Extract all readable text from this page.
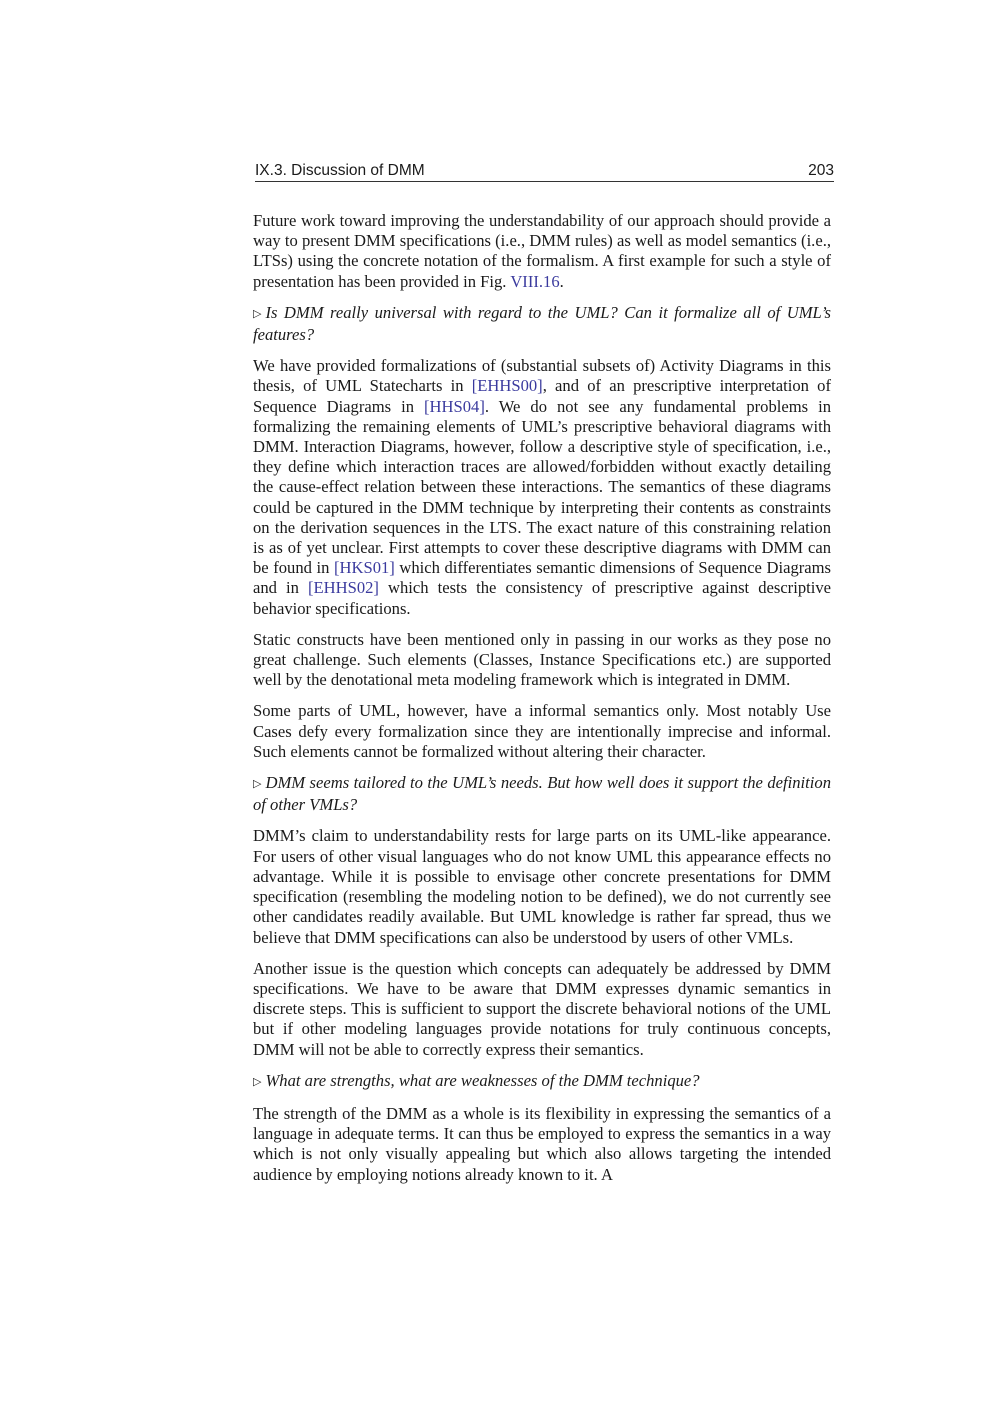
IX.3. Discussion of DMM	203

Future work toward improving the understandability of our approach should provide a way to present DMM specifications (i.e., DMM rules) as well as model semantics (i.e., LTSs) using the concrete notation of the formalism. A first example for such a style of presentation has been provided in Fig. VIII.16.

▷ Is DMM really universal with regard to the UML? Can it formalize all of UML’s features?

We have provided formalizations of (substantial subsets of) Activity Diagrams in this thesis, of UML Statecharts in [EHHS00], and of an prescriptive interpretation of Sequence Diagrams in [HHS04]. We do not see any fundamental problems in formalizing the remaining elements of UML’s prescriptive behavioral diagrams with DMM. Interaction Diagrams, however, follow a descriptive style of specification, i.e., they define which interaction traces are allowed/forbidden without exactly detailing the cause-effect relation between these interactions. The semantics of these diagrams could be captured in the DMM technique by interpreting their contents as constraints on the derivation sequences in the LTS. The exact nature of this constraining relation is as of yet unclear. First attempts to cover these descriptive diagrams with DMM can be found in [HKS01] which differentiates semantic dimensions of Sequence Diagrams and in [EHHS02] which tests the consistency of prescriptive against descriptive behavior specifications.

Static constructs have been mentioned only in passing in our works as they pose no great challenge. Such elements (Classes, Instance Specifications etc.) are supported well by the denotational meta modeling framework which is integrated in DMM.

Some parts of UML, however, have a informal semantics only. Most notably Use Cases defy every formalization since they are intentionally imprecise and informal. Such elements cannot be formalized without altering their character.

▷ DMM seems tailored to the UML’s needs. But how well does it support the definition of other VMLs?

DMM’s claim to understandability rests for large parts on its UML-like appearance. For users of other visual languages who do not know UML this appearance effects no advantage. While it is possible to envisage other concrete presentations for DMM specification (resembling the modeling notion to be defined), we do not currently see other candidates readily available. But UML knowledge is rather far spread, thus we believe that DMM specifications can also be understood by users of other VMLs.

Another issue is the question which concepts can adequately be addressed by DMM specifications. We have to be aware that DMM expresses dynamic semantics in discrete steps. This is sufficient to support the discrete behavioral notions of the UML but if other modeling languages provide notations for truly continuous concepts, DMM will not be able to correctly express their semantics.

▷ What are strengths, what are weaknesses of the DMM technique?

The strength of the DMM as a whole is its flexibility in expressing the semantics of a language in adequate terms. It can thus be employed to express the semantics in a way which is not only visually appealing but which also allows targeting the intended audience by employing notions already known to it. A
